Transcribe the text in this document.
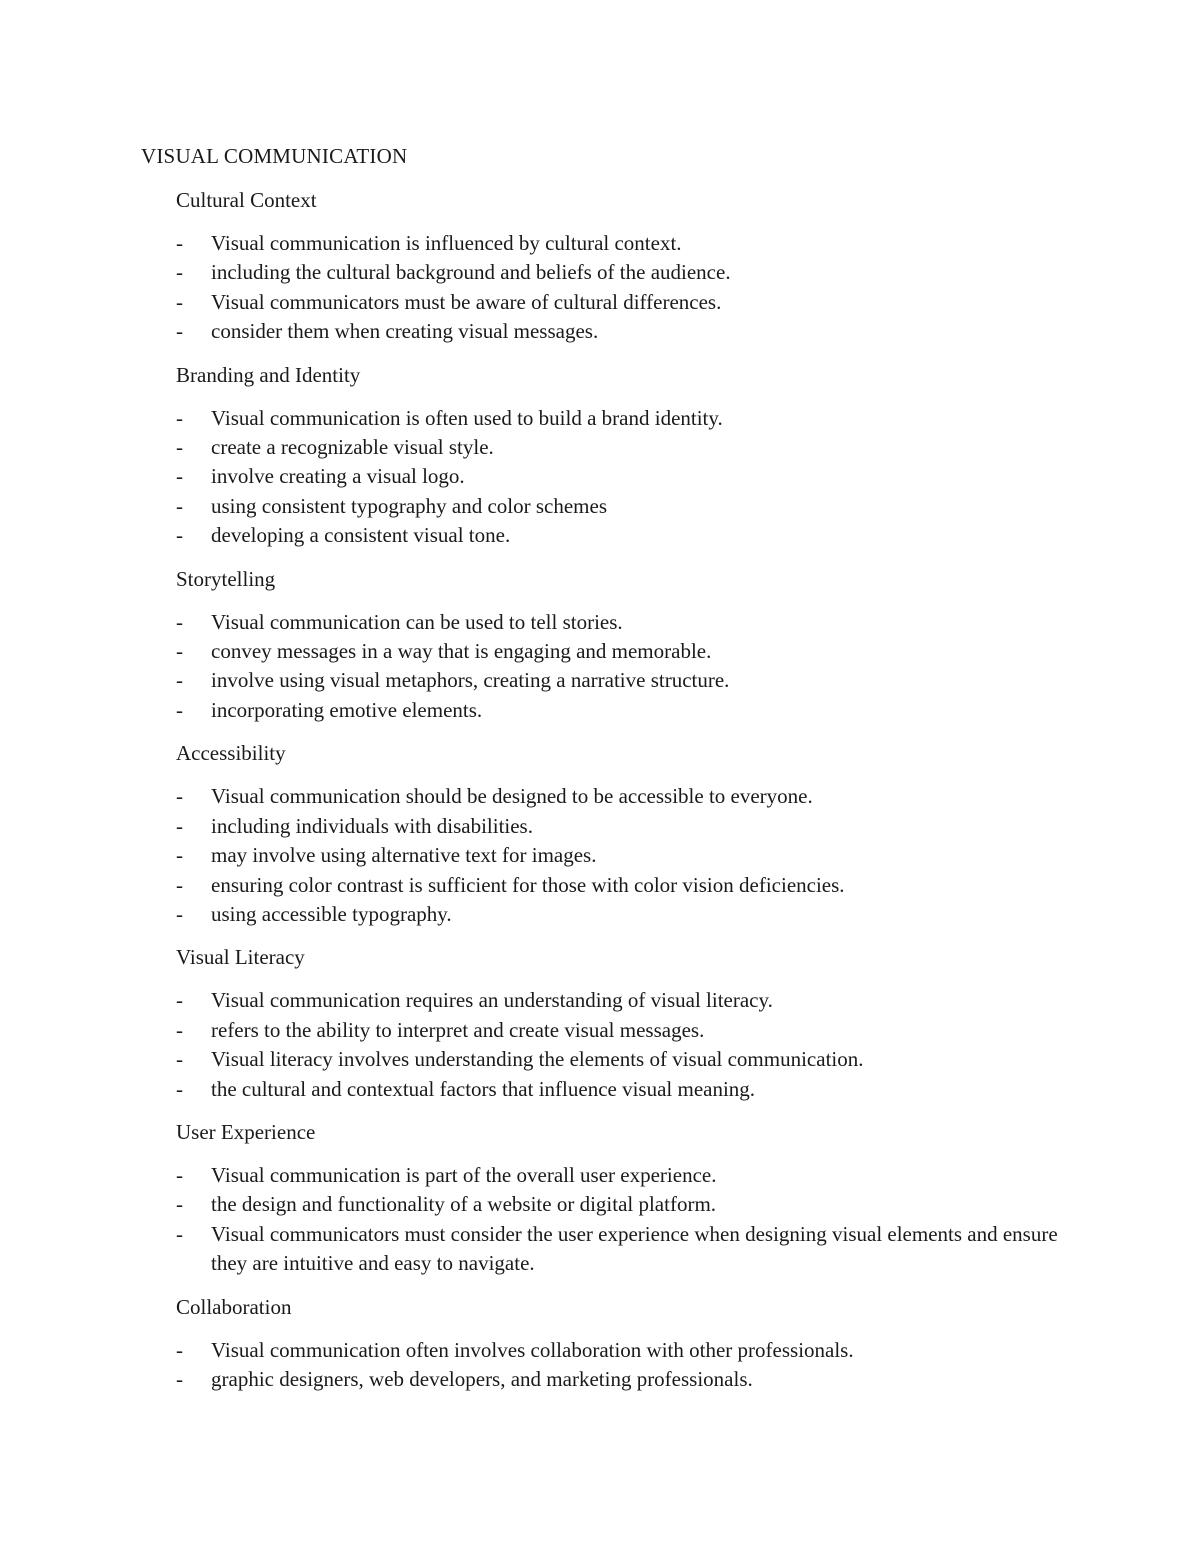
VISUAL COMMUNICATION
Cultural Context
- Visual communication is influenced by cultural context.
- including the cultural background and beliefs of the audience.
- Visual communicators must be aware of cultural differences.
- consider them when creating visual messages.
Branding and Identity
- Visual communication is often used to build a brand identity.
- create a recognizable visual style.
- involve creating a visual logo.
- using consistent typography and color schemes
- developing a consistent visual tone.
Storytelling
- Visual communication can be used to tell stories.
- convey messages in a way that is engaging and memorable.
- involve using visual metaphors, creating a narrative structure.
- incorporating emotive elements.
Accessibility
- Visual communication should be designed to be accessible to everyone.
- including individuals with disabilities.
- may involve using alternative text for images.
- ensuring color contrast is sufficient for those with color vision deficiencies.
- using accessible typography.
Visual Literacy
- Visual communication requires an understanding of visual literacy.
- refers to the ability to interpret and create visual messages.
- Visual literacy involves understanding the elements of visual communication.
- the cultural and contextual factors that influence visual meaning.
User Experience
- Visual communication is part of the overall user experience.
- the design and functionality of a website or digital platform.
- Visual communicators must consider the user experience when designing visual elements and ensure they are intuitive and easy to navigate.
Collaboration
- Visual communication often involves collaboration with other professionals.
- graphic designers, web developers, and marketing professionals.
